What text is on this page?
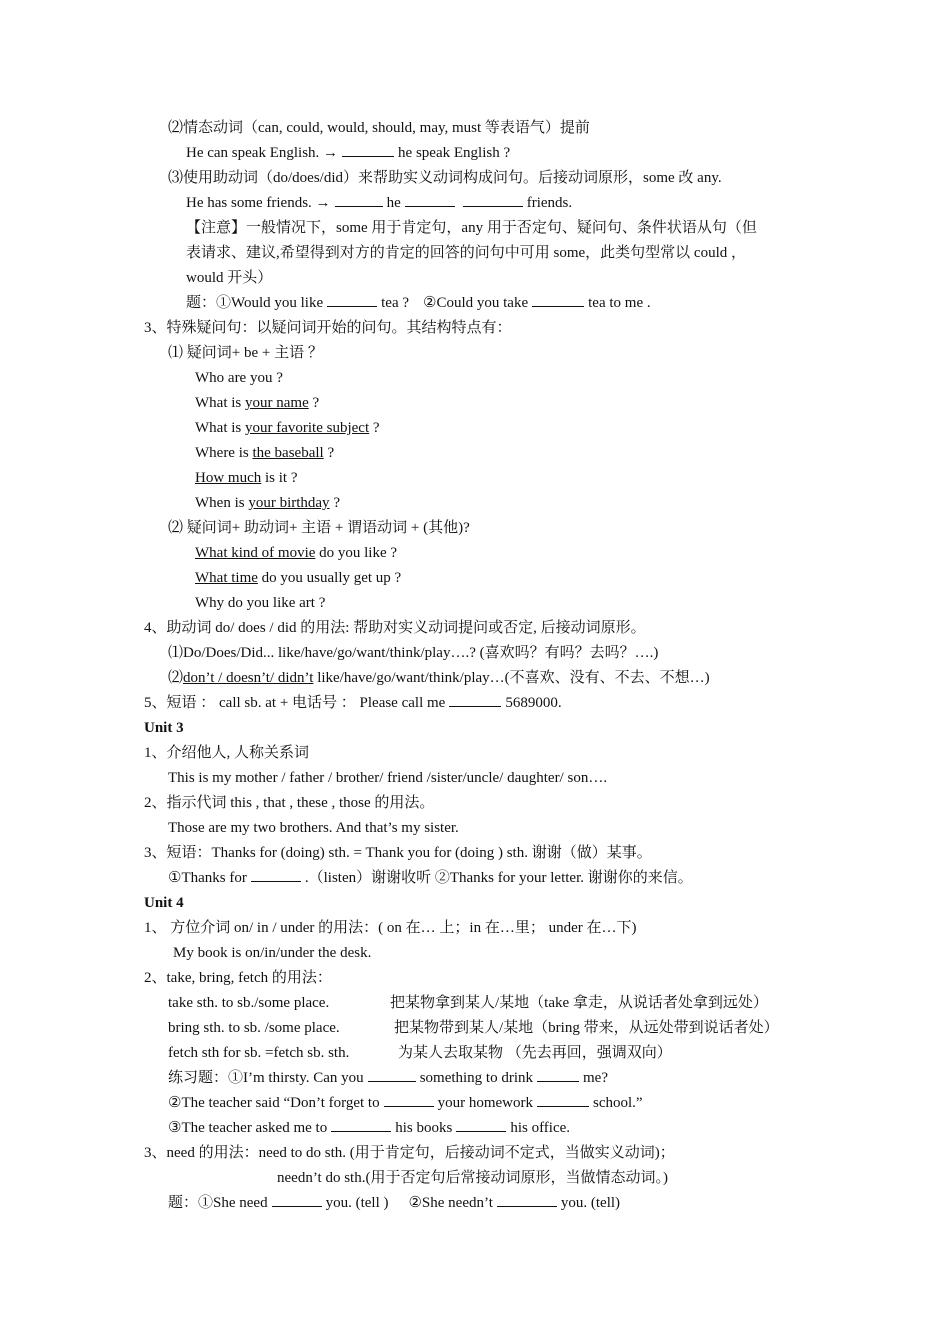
⑵情态动词（can, could, would, should, may, must 等表语气）提前
He can speak English. →	he speak English ?
⑶使用助动词（do/does/did）来帮助实义动词构成问句。后接动词原形，some 改 any.
He has some friends. →	he	friends.
【注意】一般情况下，some 用于肯定句，any 用于否定句、疑问句、条件状语从句（但
表请求、建议,希望得到对方的肯定的回答的问句中可用 some，此类句型常以 could ，
would 开头）
题：①Would you like	tea ? ②Could you take	tea to me .
3、特殊疑问句：以疑问词开始的问句。其结构特点有：
⑴ 疑问词+ be + 主语 ？
Who are you ?
What is your name ?
What is your favorite subject ?
Where is the baseball ?
How much is it ?
When is your birthday ?
⑵ 疑问词+ 助动词+ 主语 + 谓语动词 + (其他)?
What kind of movie do you like ?
What time do you usually get up ?
Why do you like art ?
4、助动词 do/ does / did 的用法: 帮助对实义动词提问或否定, 后接动词原形。
⑴Do/Does/Did... like/have/go/want/think/play….? (喜欢吗？有吗？去吗？….)
⑵don’t / doesn’t/ didn’t like/have/go/want/think/play…(不喜欢、没有、不去、不想…)
5、短语 ： call sb. at + 电话号 ： Please call me	5689000.
Unit 3
1、介绍他人, 人称关系词
This is my mother / father / brother/ friend /sister/uncle/ daughter/ son….
2、指示代词 this , that , these , those 的用法。
Those are my two brothers. And that’s my sister.
3、短语：Thanks for (doing) sth. = Thank you for (doing ) sth. 谢谢（做）某事。
①Thanks for	.（listen）谢谢收听 ②Thanks for your letter. 谢谢你的来信。
Unit 4
1、 方位介词 on/ in / under 的用法：( on 在… 上；in 在…里； under 在…下)
My book is on/in/under the desk.
2、take, bring, fetch 的用法：
take sth. to sb./some place.	把某物拿到某人/某地（take 拿走，从说话者处拿到远处）
bring sth. to sb. /some place.	把某物带到某人/某地（bring 带来，从远处带到说话者处）
fetch sth for sb. =fetch sb. sth.	为某人去取某物 （先去再回，强调双向）
练习题：①I’m thirsty. Can you	something to drink	me?
②The teacher said “Don’t forget to	your homework	school.”
③The teacher asked me to	his books	his office.
3、need 的用法：need to do sth. (用于肯定句，后接动词不定式，当做实义动词)；
needn’t do sth.(用于否定句后常接动词原形，当做情态动词。)
题：①She need	you. (tell ) ②She needn’t	you. (tell)
